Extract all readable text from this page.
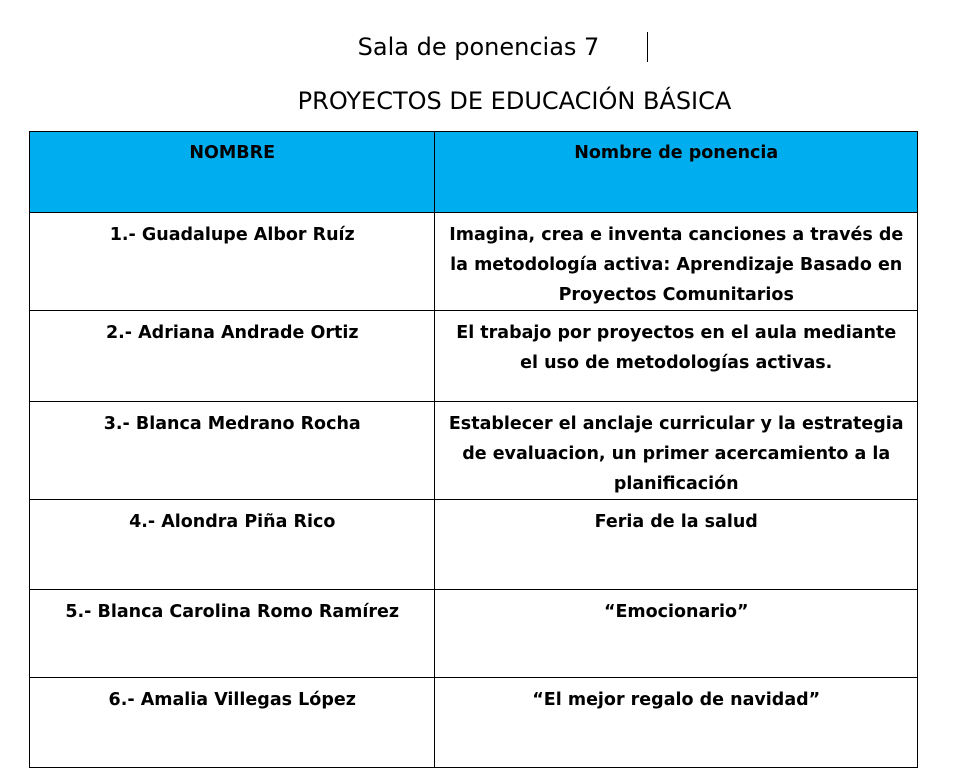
Sala de ponencias 7
PROYECTOS DE EDUCACIÓN BÁSICA
NOMBRE	Nombre de ponencia
1.- Guadalupe Albor Ruíz	Imagina, crea e inventa canciones a través de la metodología activa: Aprendizaje Basado en Proyectos Comunitarios
2.- Adriana Andrade Ortiz	El trabajo por proyectos en el aula mediante el uso de metodologías activas.
3.- Blanca Medrano Rocha	Establecer el anclaje curricular y la estrategia de evaluacion, un primer acercamiento a la planificación
4.- Alondra Piña Rico	Feria de la salud
5.- Blanca Carolina Romo Ramírez	“Emocionario”
6.- Amalia Villegas López	“El mejor regalo de navidad”
